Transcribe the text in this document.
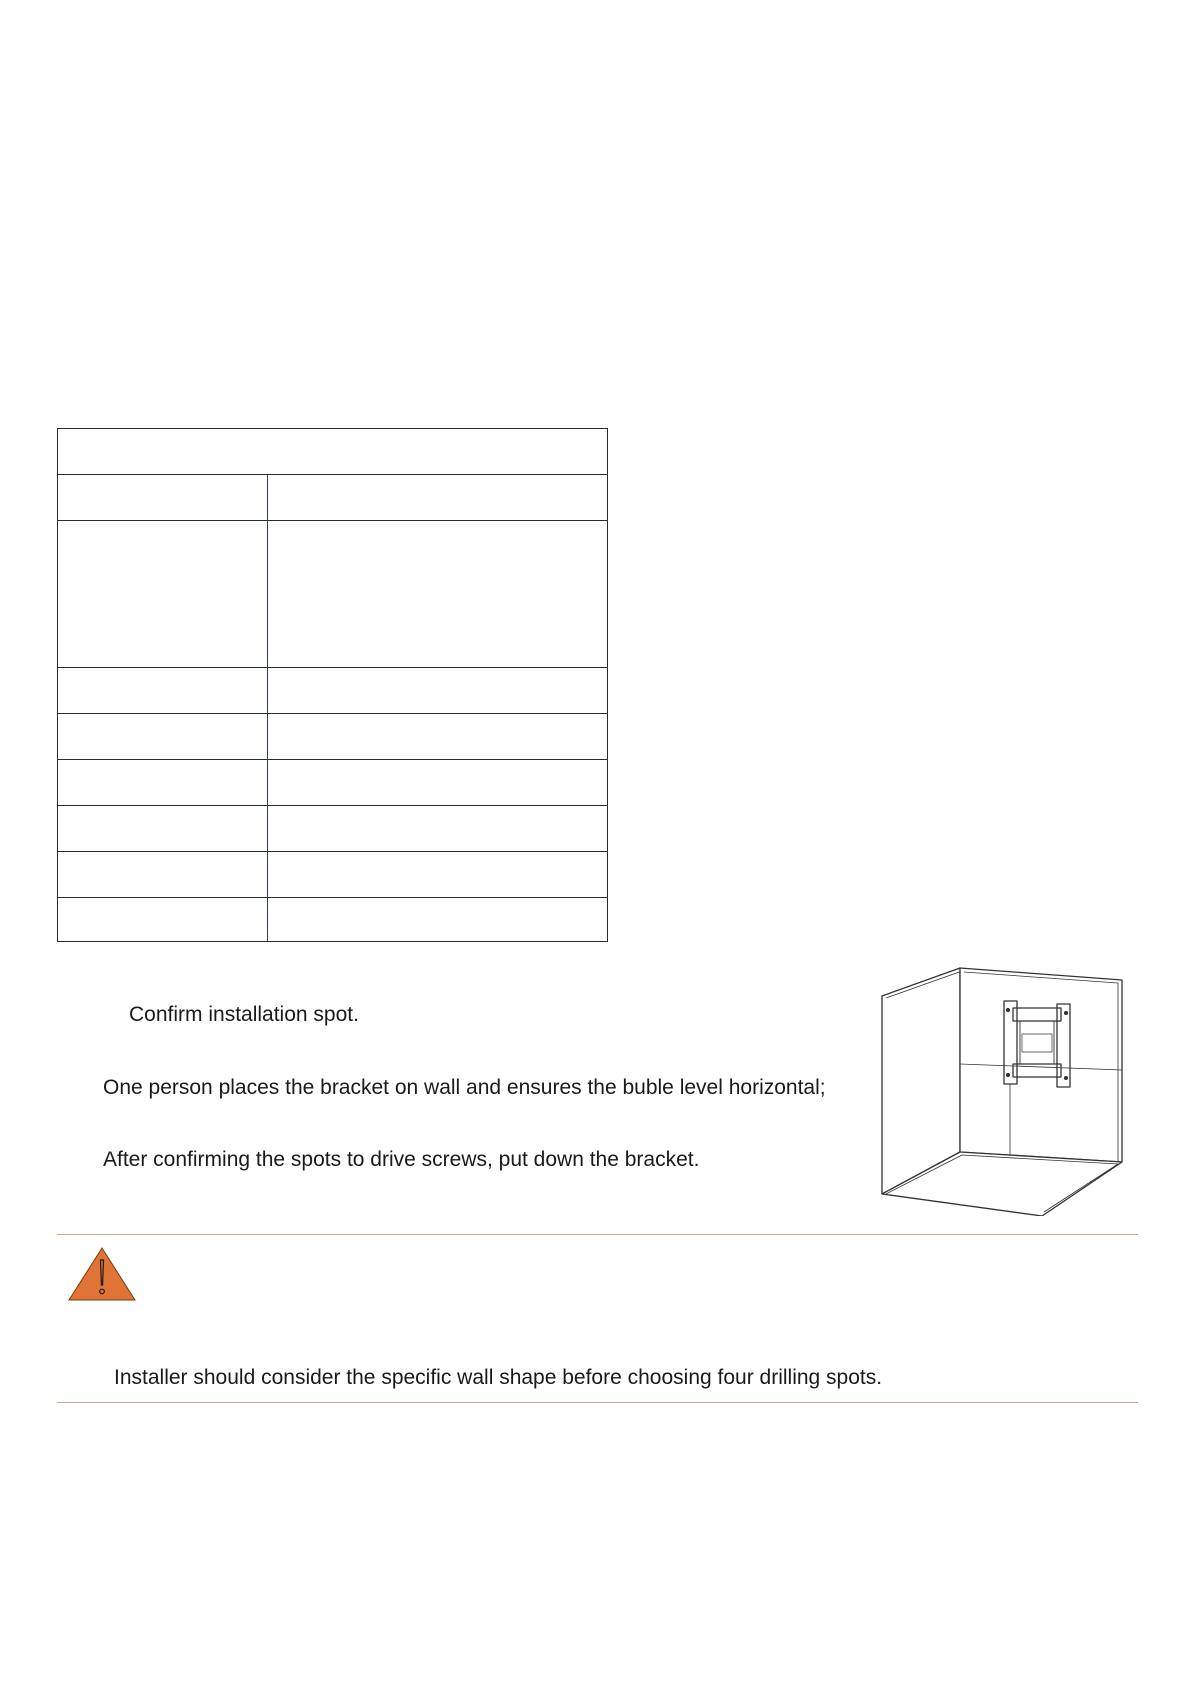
Confirm installation spot.
One person places the bracket on wall and ensures the buble level horizontal;
After confirming the spots to drive screws, put down the bracket.
Installer should consider the specific wall shape before choosing four drilling spots.
